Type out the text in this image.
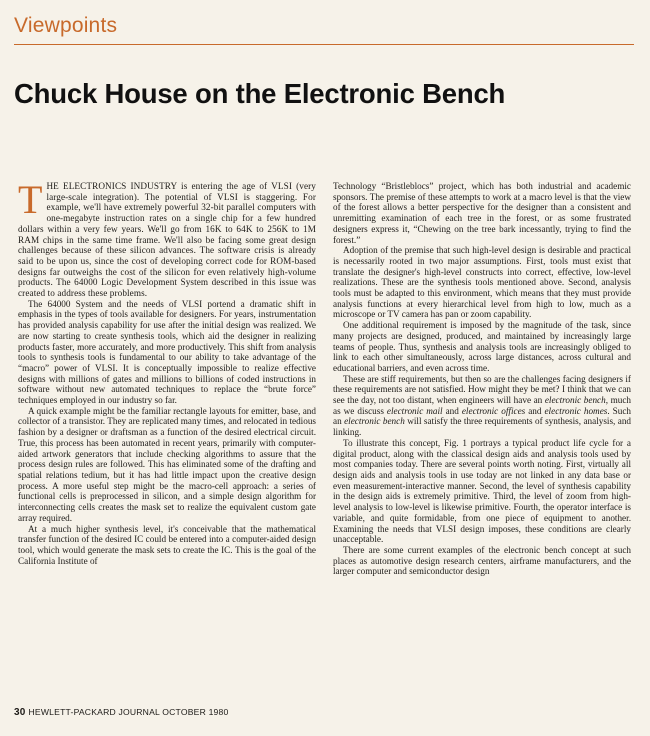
Viewpoints
Chuck House on the Electronic Bench

THE ELECTRONICS INDUSTRY is entering the age of VLSI (very large-scale integration). The potential of VLSI is staggering. For example, we'll have extremely powerful 32-bit parallel computers with one-megabyte instruction rates on a single chip for a few hundred dollars within a very few years. We'll go from 16K to 64K to 256K to 1M RAM chips in the same time frame. We'll also be facing some great design challenges because of these silicon advances. The software crisis is already said to be upon us, since the cost of developing correct code for ROM-based designs far outweighs the cost of the silicon for even relatively high-volume products. The 64000 Logic Development System described in this issue was created to address these problems.

The 64000 System and the needs of VLSI portend a dramatic shift in emphasis in the types of tools available for designers. For years, instrumentation has provided analysis capability for use after the initial design was realized. We are now starting to create synthesis tools, which aid the designer in realizing products faster, more accurately, and more productively. This shift from analysis tools to synthesis tools is fundamental to our ability to take advantage of the “macro” power of VLSI. It is conceptually impossible to realize effective designs with millions of gates and millions to billions of coded instructions in software without new automated techniques to replace the “brute force” techniques employed in our industry so far.

A quick example might be the familiar rectangle layouts for emitter, base, and collector of a transistor. They are replicated many times, and relocated in tedious fashion by a designer or draftsman as a function of the desired electrical circuit. True, this process has been automated in recent years, primarily with computer-aided artwork generators that include checking algorithms to assure that the process design rules are followed. This has eliminated some of the drafting and spatial relations tedium, but it has had little impact upon the creative design process. A more useful step might be the macro-cell approach: a series of functional cells is preprocessed in silicon, and a simple design algorithm for interconnecting cells creates the mask set to realize the equivalent custom gate array required.

At a much higher synthesis level, it's conceivable that the mathematical transfer function of the desired IC could be entered into a computer-aided design tool, which would generate the mask sets to create the IC. This is the goal of the California Institute of

Technology “Bristleblocs” project, which has both industrial and academic sponsors. The premise of these attempts to work at a macro level is that the view of the forest allows a better perspective for the designer than a consistent and unremitting examination of each tree in the forest, or as some frustrated designers express it, “Chewing on the tree bark incessantly, trying to find the forest.”

Adoption of the premise that such high-level design is desirable and practical is necessarily rooted in two major assumptions. First, tools must exist that translate the designer's high-level constructs into correct, effective, low-level realizations. These are the synthesis tools mentioned above. Second, analysis tools must be adapted to this environment, which means that they must provide analysis functions at every hierarchical level from high to low, much as a microscope or TV camera has pan or zoom capability.

One additional requirement is imposed by the magnitude of the task, since many projects are designed, produced, and maintained by increasingly large teams of people. Thus, synthesis and analysis tools are increasingly obliged to link to each other simultaneously, across large distances, across cultural and educational barriers, and even across time.

These are stiff requirements, but then so are the challenges facing designers if these requirements are not satisfied. How might they be met? I think that we can see the day, not too distant, when engineers will have an electronic bench, much as we discuss electronic mail and electronic offices and electronic homes. Such an electronic bench will satisfy the three requirements of synthesis, analysis, and linking.

To illustrate this concept, Fig. 1 portrays a typical product life cycle for a digital product, along with the classical design aids and analysis tools used by most companies today. There are several points worth noting. First, virtually all design aids and analysis tools in use today are not linked in any data base or even measurement-interactive manner. Second, the level of synthesis capability in the design aids is extremely primitive. Third, the level of zoom from high-level analysis to low-level is likewise primitive. Fourth, the operator interface is variable, and quite formidable, from one piece of equipment to another. Examining the needs that VLSI design imposes, these conditions are clearly unacceptable.

There are some current examples of the electronic bench concept at such places as automotive design research centers, airframe manufacturers, and the larger computer and semiconductor design

30 HEWLETT-PACKARD JOURNAL OCTOBER 1980
